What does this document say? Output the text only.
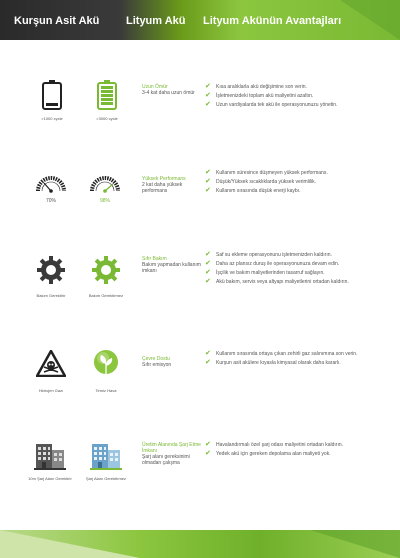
Kurşun Asit Akü Lityum Akü Lityum Akünün Avantajları
>1000 cycle	>3000 cycle
Uzun Ömür
3-4 kat daha uzun ömür
✔ Kısa aralıklarla akü değişimine son verin.
✔ İşletmenizdeki toplam akü maliyetini azaltın.
✔ Uzun vardiyalarda tek akü ile operasyonunuzu yönetin.
70%	98%
Yüksek Performans
2 kat daha yüksek performans
✔ Kullanım süresince düşmeyen yüksek performans.
✔ Düşük/Yüksek sıcaklıklarda yüksek verimlilik.
✔ Kullanım sırasında düşük enerji kaybı.
Bakım Gerektirir	Bakım Gerektirmez
Sıfır Bakım
Bakım yapmadan kullanım imkanı
✔ Saf su ekleme operasyonunu işletmenizden kaldırın.
✔ Daha az plansız duruş ile operasyonunuza devam edin.
✔ İşçilik ve bakım maliyetlerinden tasarruf sağlayın.
✔ Akü bakım, servis veya altyapı maliyetlerini ortadan kaldırın.
Hidrojen Gazı	Temiz Hava
Çevre Dostu
Sıfır emisyon
✔ Kullanım sırasında ortaya çıkan zehirli gaz salınımına son verin.
✔ Kurşun asit akülere kıyasla kimyasal olarak daha kararlı.
10m Şarj Alanı Gerektirir	Şarj Alanı Gerektirmez
Üretim Alanında Şarj Etme İmkanı
Şarj alanı gereksinimi olmadan çalışma
✔ Havalandırmalı özel şarj odası maliyetini ortadan kaldırın.
✔ Yedek akü için gereken depolama alan maliyeti yok.
